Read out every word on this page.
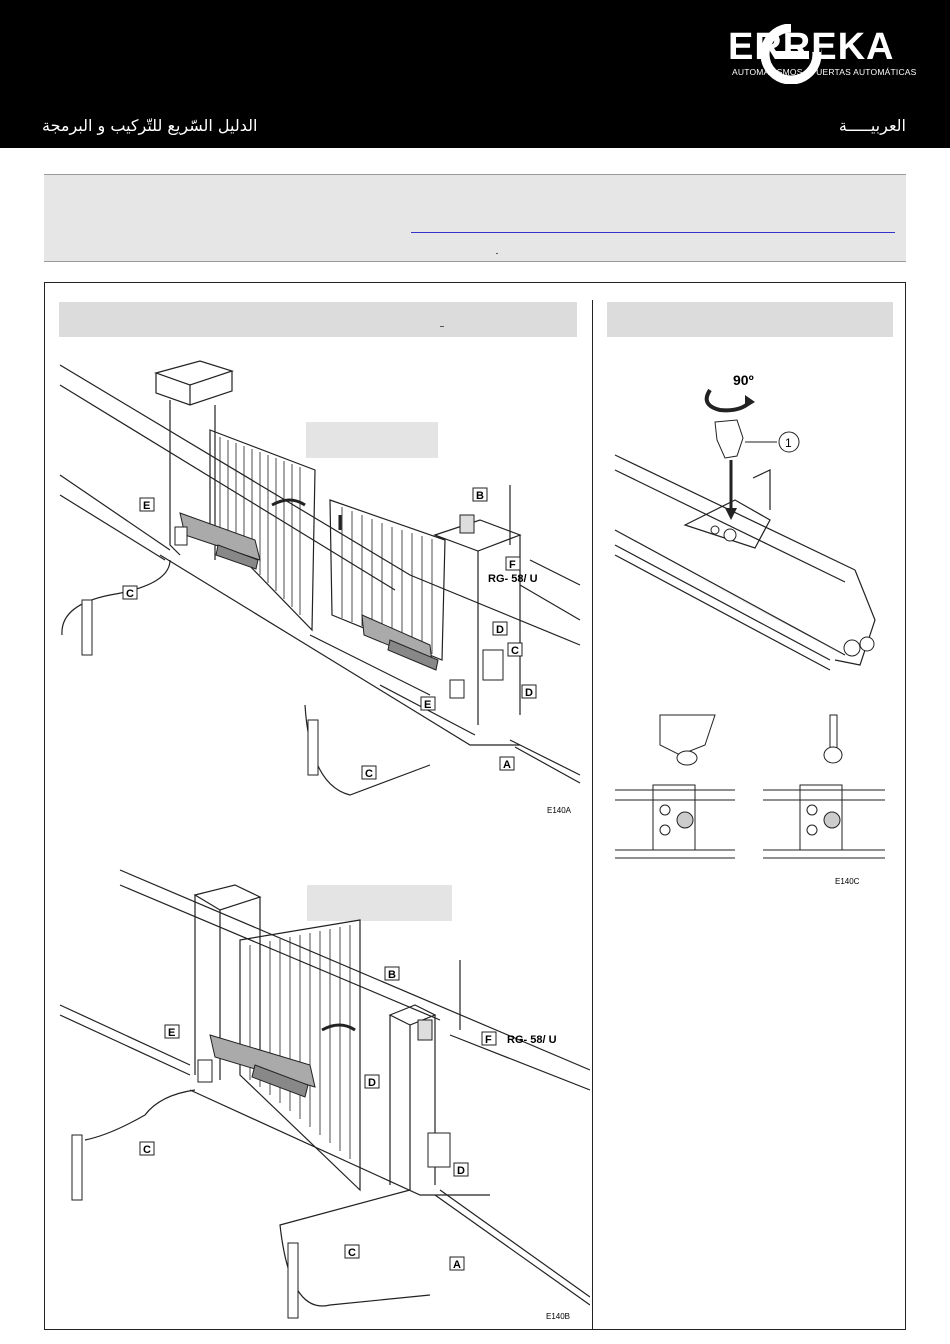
ERREKA
AUTOMATISMOS / PUERTAS AUTOMÁTICAS
الدليل السّريع للتّركيب و البرمجة	العربيـــــة
E
C
B
F
D
C
D
E
A
C
RG- 58/ U
E140A
E
C
B
F
D
D
A
C
RG- 58/ U
E140B
90º
1
E140C
